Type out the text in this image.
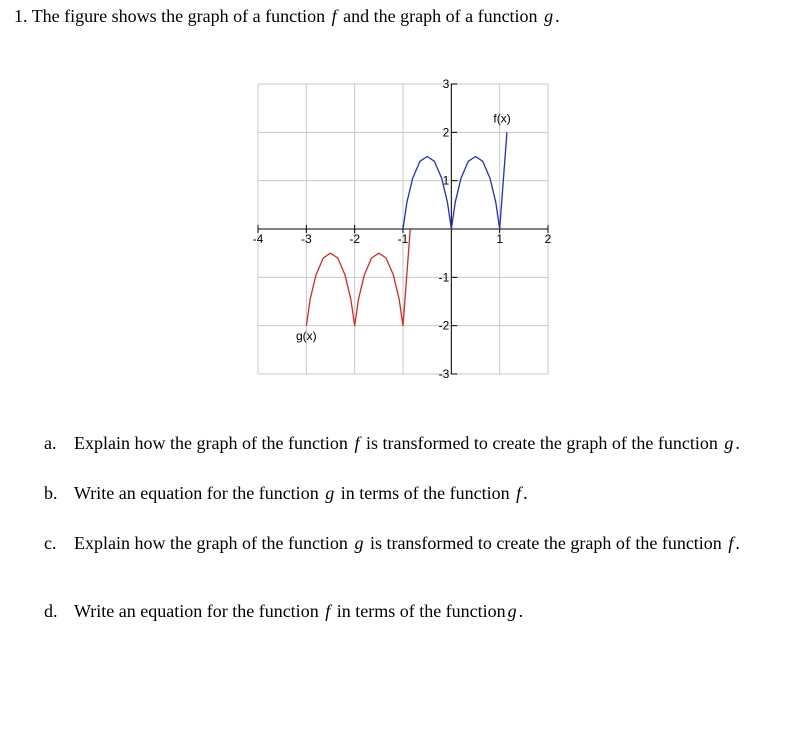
1. The figure shows the graph of a function f and the graph of a function g .
-4	-3	-2	-1	1	2
3
2
1
-1
-2
-3
f(x)
g(x)
a. Explain how the graph of the function f is transformed to create the graph of the function g .
b. Write an equation for the function g in terms of the function f .
c. Explain how the graph of the function g is transformed to create the graph of the function f .
d. Write an equation for the function f in terms of the function g .
